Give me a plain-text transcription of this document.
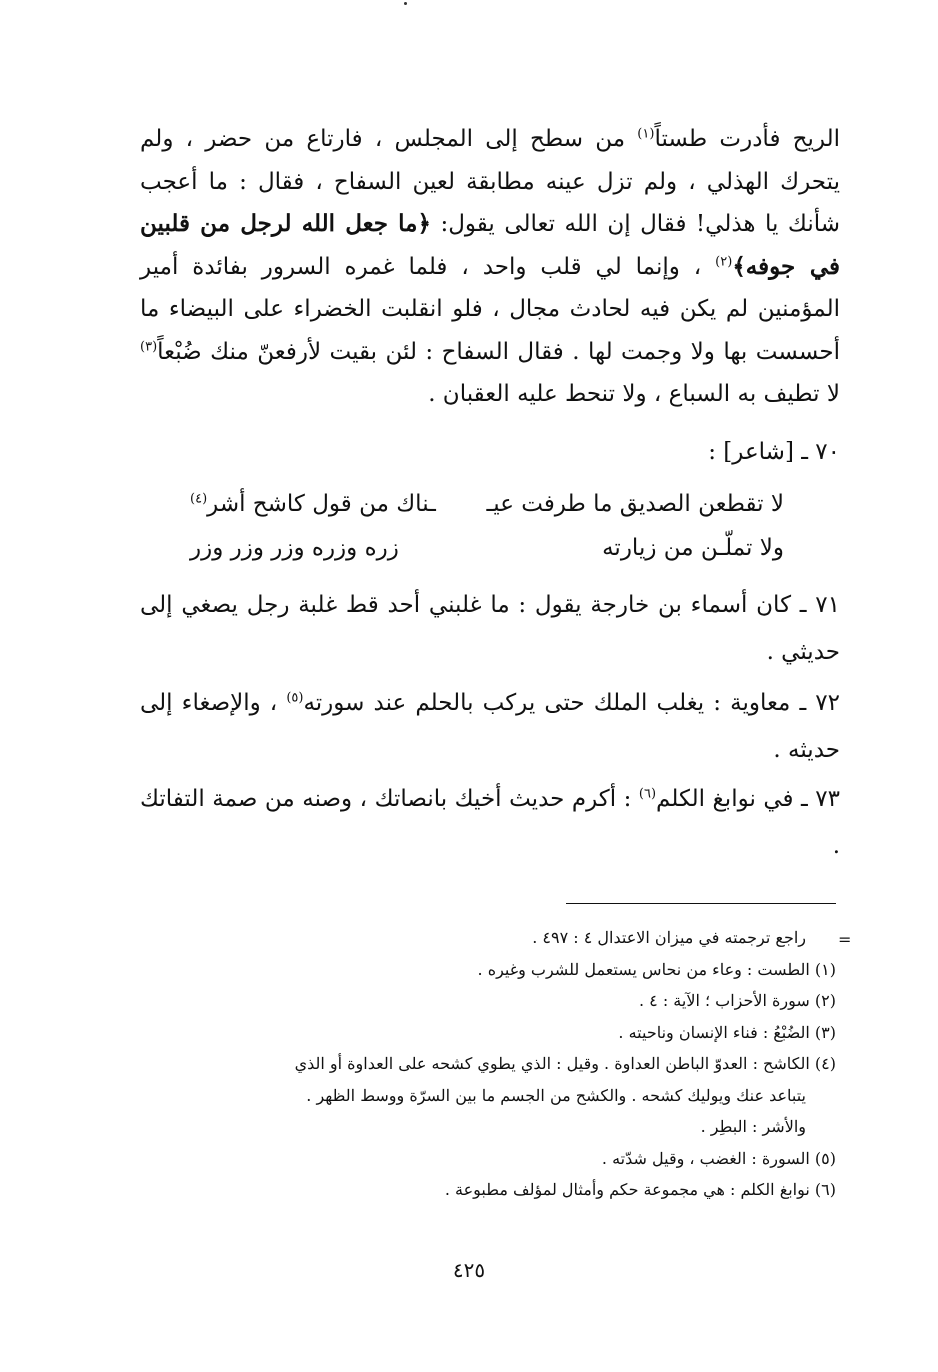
الريح فأدرت طستاً$^{(١)}$ من سطح إلى المجلس ، فارتاع من حضر ، ولم يتحرك الهذلي ، ولم تزل عينه مطابقة لعين السفاح ، فقال : ما أعجب شأنك يا هذلي! فقال إن الله تعالى يقول: ﴿ما جعل الله لرجل من قلبين في جوفه﴾$^{(٢)}$ ، وإنما لي قلب واحد ، فلما غمره السرور بفائدة أمير المؤمنين لم يكن فيه لحادث مجال ، فلو انقلبت الخضراء على البيضاء ما أحسست بها ولا وجمت لها . فقال السفاح : لئن بقيت لأرفعنّ منك ضُبْعاً$^{(٣)}$ لا تطيف به السباع ، ولا تنحط عليه العقبان .

٧٠ ـ [شاعر] :
لا تقطعن الصديق ما طرفت عيـ
ـناك من قول كاشح أشر$^{(٤)}$
ولا تملّـن من زيارته
زره وزره وزر وزر وزر

٧١ ـ كان أسماء بن خارجة يقول : ما غلبني أحد قط غلبة رجل يصغي إلى حديثي .

٧٢ ـ معاوية : يغلب الملك حتى يركب بالحلم عند سورته$^{(٥)}$ ، والإصغاء إلى حديثه .

٧٣ ـ في نوابغ الكلم$^{(٦)}$ : أكرم حديث أخيك بانصاتك ، وصنه من صمة التفاتك .

=

راجع ترجمته في ميزان الاعتدال ٤ : ٤٩٧ .

(١) الطست : وعاء من نحاس يستعمل للشرب وغيره .

(٢) سورة الأحزاب ؛ الآية : ٤ .

(٣) الضُبْعُ : فناء الإنسان وناحيته .

(٤) الكاشح : العدوّ الباطن العداوة . وقيل : الذي يطوي كشحه على العداوة أو الذي

يتباعد عنك ويوليك كشحه . والكشح من الجسم ما بين السرّة ووسط الظهر .

والأشر : البطِر .

(٥) السورة : الغضب ، وقيل شدّته .

(٦) نوابغ الكلم : هي مجموعة حكم وأمثال لمؤلف مطبوعة .

٤٢٥
